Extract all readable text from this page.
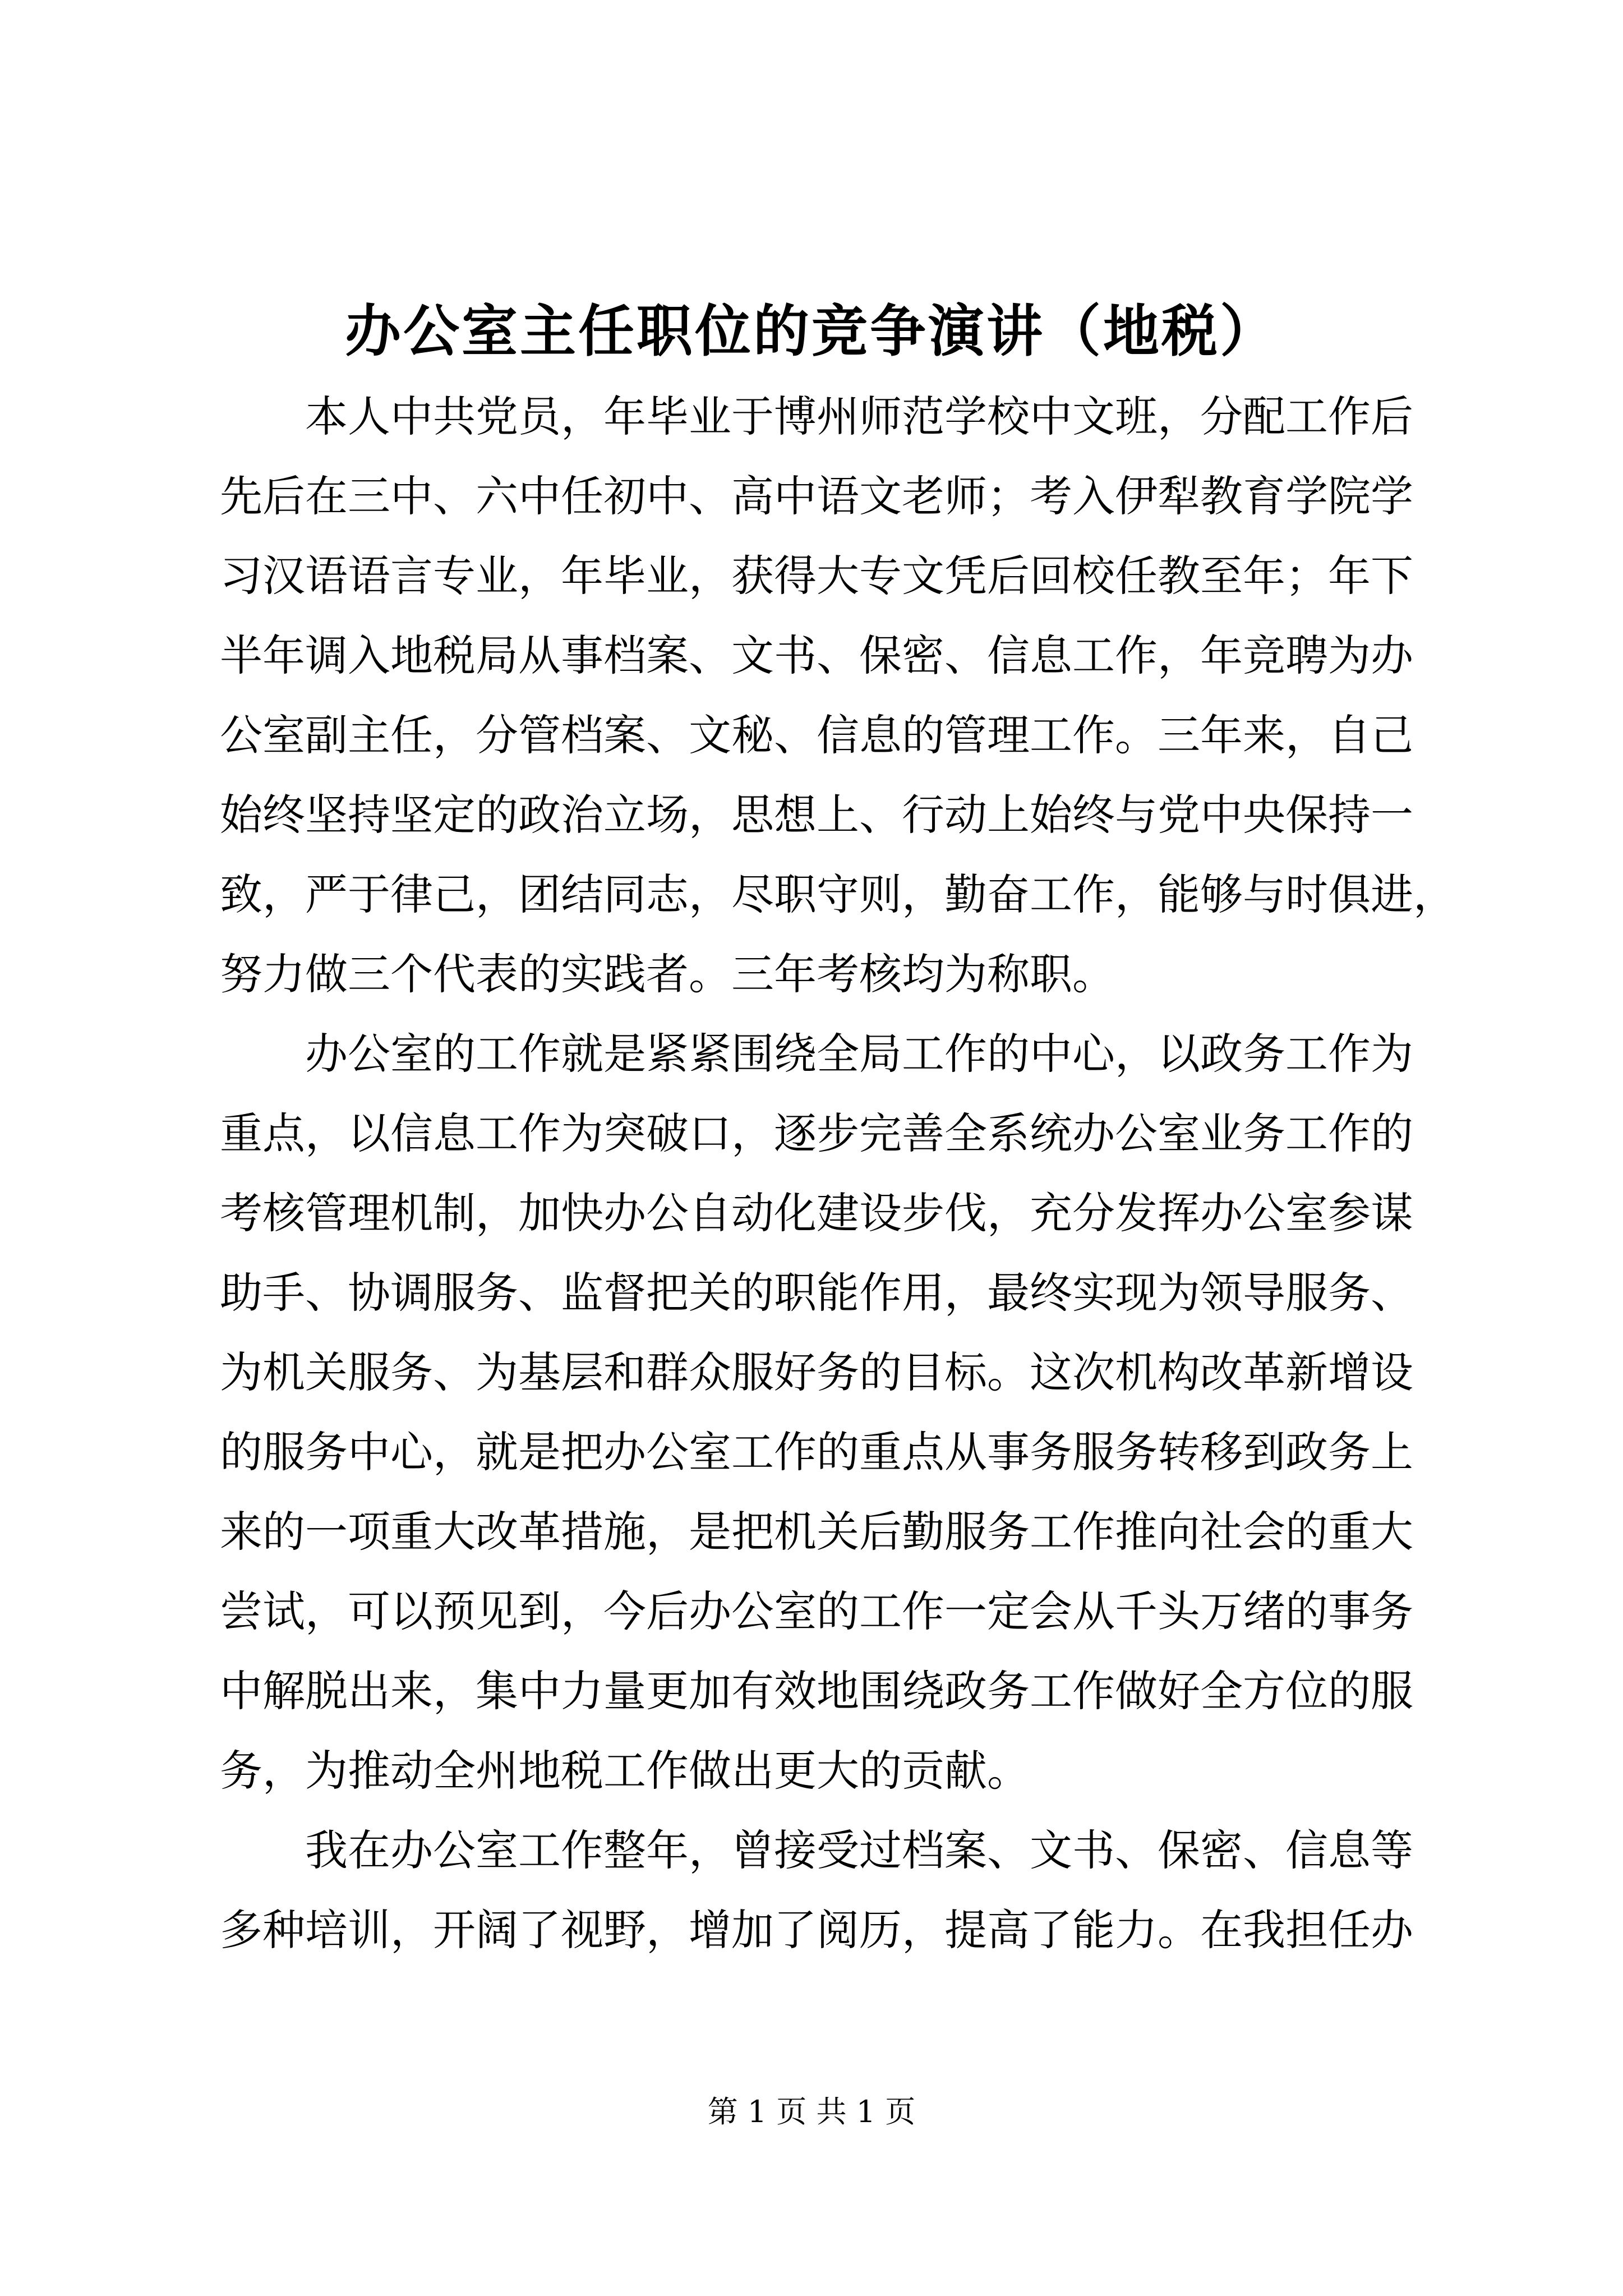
办公室主任职位的竞争演讲（地税）
本人中共党员，年毕业于博州师范学校中文班，分配工作后
先后在三中、六中任初中、高中语文老师；考入伊犁教育学院学
习汉语语言专业，年毕业，获得大专文凭后回校任教至年；年下
半年调入地税局从事档案、文书、保密、信息工作，年竞聘为办
公室副主任，分管档案、文秘、信息的管理工作。三年来，自己
始终坚持坚定的政治立场，思想上、行动上始终与党中央保持一
致，严于律己，团结同志，尽职守则，勤奋工作，能够与时俱进，
努力做三个代表的实践者。三年考核均为称职。
办公室的工作就是紧紧围绕全局工作的中心，以政务工作为
重点，以信息工作为突破口，逐步完善全系统办公室业务工作的
考核管理机制，加快办公自动化建设步伐，充分发挥办公室参谋
助手、协调服务、监督把关的职能作用，最终实现为领导服务、
为机关服务、为基层和群众服好务的目标。这次机构改革新增设
的服务中心，就是把办公室工作的重点从事务服务转移到政务上
来的一项重大改革措施，是把机关后勤服务工作推向社会的重大
尝试，可以预见到，今后办公室的工作一定会从千头万绪的事务
中解脱出来，集中力量更加有效地围绕政务工作做好全方位的服
务，为推动全州地税工作做出更大的贡献。
我在办公室工作整年，曾接受过档案、文书、保密、信息等
多种培训，开阔了视野，增加了阅历，提高了能力。在我担任办
第 1 页 共 1 页
